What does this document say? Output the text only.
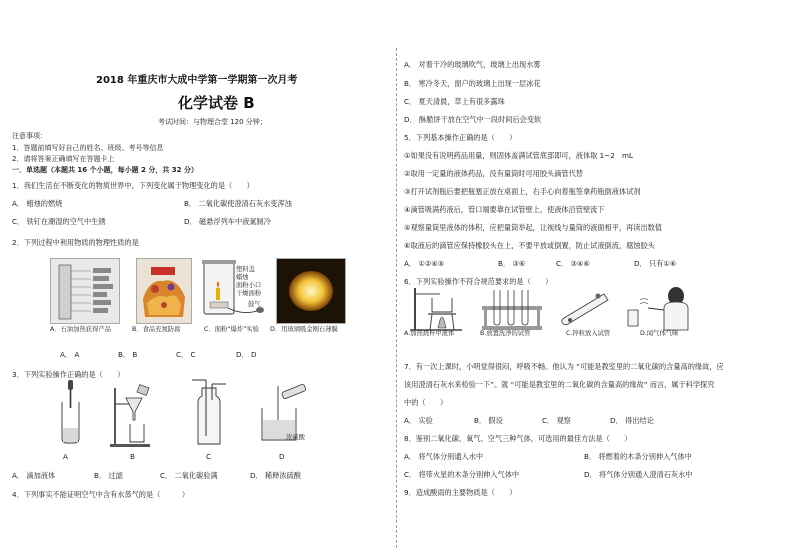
2018 年重庆市大成中学第一学期第一次月考
化学试卷 B
考试时间：与物理合堂 120 分钟；
注意事项：
1．答题前填写好自己的姓名、班级、考号等信息
2．请将答案正确填写在答题卡上
一．单选题（本题共 16 个小题，每小题 2 分，共 32 分）
1．我们生活在不断变化的物质世界中，下列变化属于物理变化的是（　　）
A． 蜡烛的燃烧	B． 二氧化碳使澄清石灰水变浑浊
C． 铁钉在潮湿的空气中生锈	D． 磁悬浮列车中液氮制冷
2．下列过程中利用物质的物理性质的是
塑料盖
蜡烛
面粉小口
干燥面粉
鼓气
A．石油加热获得产品	B．食品充氮防腐	C．面粉“爆炸”实验 D．用玻璃吸金刚石薄膜
A． A	B． B	C． C	D． D
3．下列实验操作正确的是（　　）
浓硫酸
A	B	C	D
A． 滴加液体	B． 过滤	C． 二氧化碳验满	D． 稀释浓硫酸
4．下列事实不能证明空气中含有水蒸气的是（　　　）
A． 对着干冷的玻璃吹气，玻璃上出现水雾
B． 寒冷冬天，窗户的玻璃上出现一层冰花
C． 夏天清晨，草上有很多露珠
D． 酥脆饼干放在空气中一段时间后会变软
5．下列基本操作正确的是（　　）
①如果没有说明药品用量，则固体盖满试管底部即可，液体取 1~2　mL
②取用一定量的液体药品，没有量筒时可用胶头滴管代替
③打开试剂瓶后要把瓶塞正放在桌面上，右手心向着瓶签拿药瓶倒液体试剂
④滴管吸满药液后，管口端要靠在试管壁上，使液体沿管壁流下
⑤观察量筒里液体的体积，应把量筒举起，让视线与量筒的液面相平，再读出数值
⑥取液后的滴管应保持橡胶头在上，不要平放或倒置，防止试液倒流，腐蚀胶头
A． ①②④⑤	B． ③⑥	C． ③④⑥	D． 只有①⑥
6．下列实验操作不符合规范要求的是（　　）
A.加热烧杯中液体	B.放置洗净的试管	C.锌粒放入试管	D.闻气体气味
7．有一次上课时，小明觉得很闷，呼吸不畅。他认为 “可能是教室里的二氧化碳的含量高的缘故，应
该用澄清石灰水来检验一下”。就 “可能是教室里的二氧化碳的含量高的缘故” 而言，属于科学探究
中的（　　）
A． 实验	B． 假设	C． 观察	D． 得出结论
8．鉴别二氧化碳、氧气、空气三种气体，可选用的最佳方法是（　　）
A． 将气体分别通入水中	B． 将燃着的木条分别伸入气体中
C． 将带火星的木条分别伸入气体中	D． 将气体分别通入澄清石灰水中
9．造成酸雨的主要物质是（　　）
